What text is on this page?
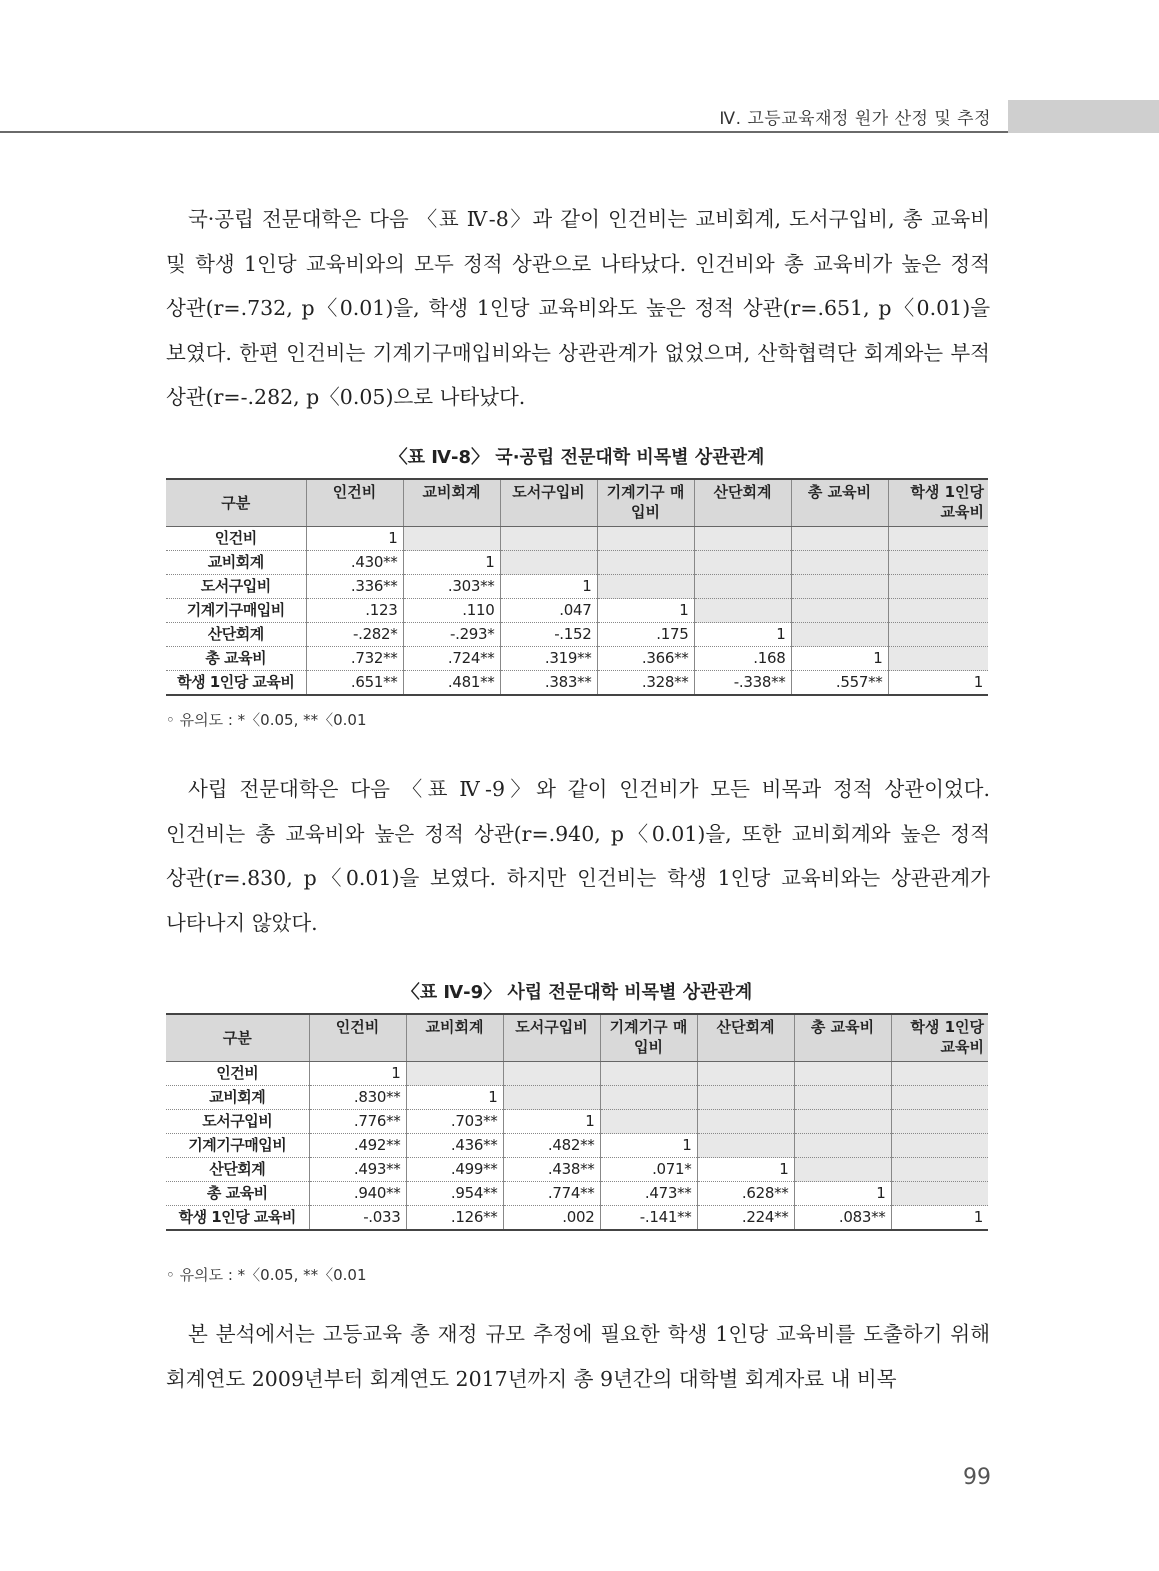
Ⅳ. 고등교육재정 원가 산정 및 추정

국·공립 전문대학은 다음 〈표 Ⅳ-8〉과 같이 인건비는 교비회계, 도서구입비, 총 교육비 및 학생 1인당 교육비와의 모두 정적 상관으로 나타났다. 인건비와 총 교육비가 높은 정적 상관(r=.732, p〈0.01)을, 학생 1인당 교육비와도 높은 정적 상관(r=.651, p〈0.01)을 보였다. 한편 인건비는 기계기구매입비와는 상관관계가 없었으며, 산학협력단 회계와는 부적 상관(r=-.282, p〈0.05)으로 나타났다.

〈표 Ⅳ-8〉 국·공립 전문대학 비목별 상관관계
구분	인건비	교비회계	도서구입비	기계기구 매입비	산단회계	총 교육비	학생 1인당 교육비
인건비	1						
교비회계	.430**	1					
도서구입비	.336**	.303**	1				
기계기구매입비	.123	.110	.047	1			
산단회계	-.282*	-.293*	-.152	.175	1		
총 교육비	.732**	.724**	.319**	.366**	.168	1	
학생 1인당 교육비	.651**	.481**	.383**	.328**	-.338**	.557**	1
◦ 유의도 : *〈0.05, **〈0.01

사립 전문대학은 다음 〈표 Ⅳ-9〉와 같이 인건비가 모든 비목과 정적 상관이었다. 인건비는 총 교육비와 높은 정적 상관(r=.940, p〈0.01)을, 또한 교비회계와 높은 정적 상관(r=.830, p〈0.01)을 보였다. 하지만 인건비는 학생 1인당 교육비와는 상관관계가 나타나지 않았다.

〈표 Ⅳ-9〉 사립 전문대학 비목별 상관관계
구분	인건비	교비회계	도서구입비	기계기구 매입비	산단회계	총 교육비	학생 1인당 교육비
인건비	1						
교비회계	.830**	1					
도서구입비	.776**	.703**	1				
기계기구매입비	.492**	.436**	.482**	1			
산단회계	.493**	.499**	.438**	.071*	1		
총 교육비	.940**	.954**	.774**	.473**	.628**	1	
학생 1인당 교육비	-.033	.126**	.002	-.141**	.224**	.083**	1
◦ 유의도 : *〈0.05, **〈0.01

본 분석에서는 고등교육 총 재정 규모 추정에 필요한 학생 1인당 교육비를 도출하기 위해 회계연도 2009년부터 회계연도 2017년까지 총 9년간의 대학별 회계자료 내 비목

99
